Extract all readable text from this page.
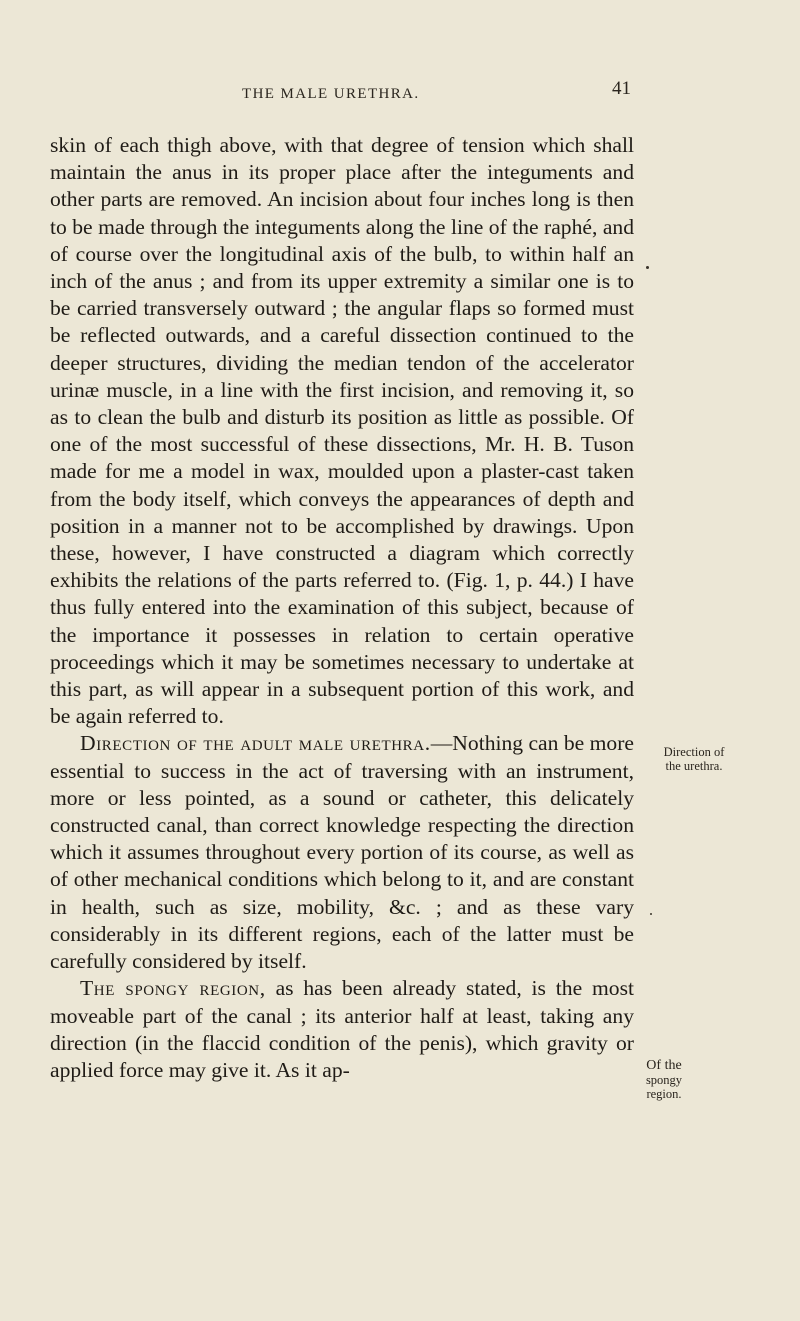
THE MALE URETHRA.	41

skin of each thigh above, with that degree of tension which shall maintain the anus in its proper place after the integuments and other parts are removed. An incision about four inches long is then to be made through the integuments along the line of the raphé, and of course over the longitudinal axis of the bulb, to within half an inch of the anus ; and from its upper extremity a similar one is to be carried transversely outward ; the angular flaps so formed must be reflected outwards, and a careful dissection continued to the deeper structures, dividing the median tendon of the accelerator urinæ muscle, in a line with the first incision, and removing it, so as to clean the bulb and disturb its position as little as possible. Of one of the most successful of these dissections, Mr. H. B. Tuson made for me a model in wax, moulded upon a plaster-cast taken from the body itself, which conveys the appearances of depth and position in a manner not to be accomplished by drawings. Upon these, however, I have constructed a diagram which correctly exhibits the relations of the parts referred to. (Fig. 1, p. 44.) I have thus fully entered into the examination of this subject, because of the importance it possesses in relation to certain operative proceedings which it may be sometimes necessary to undertake at this part, as will appear in a subsequent portion of this work, and be again referred to.

Direction of the adult male urethra.—Nothing can be more essential to success in the act of traversing with an instrument, more or less pointed, as a sound or catheter, this delicately constructed canal, than correct knowledge respecting the direction which it assumes throughout every portion of its course, as well as of other mechanical conditions which belong to it, and are constant in health, such as size, mobility, &c. ; and as these vary considerably in its different regions, each of the latter must be carefully considered by itself.

The spongy region, as has been already stated, is the most moveable part of the canal ; its anterior half at least, taking any direction (in the flaccid condition of the penis), which gravity or applied force may give it. As it ap-

Direction of
the urethra.
Of the
spongy
region.
